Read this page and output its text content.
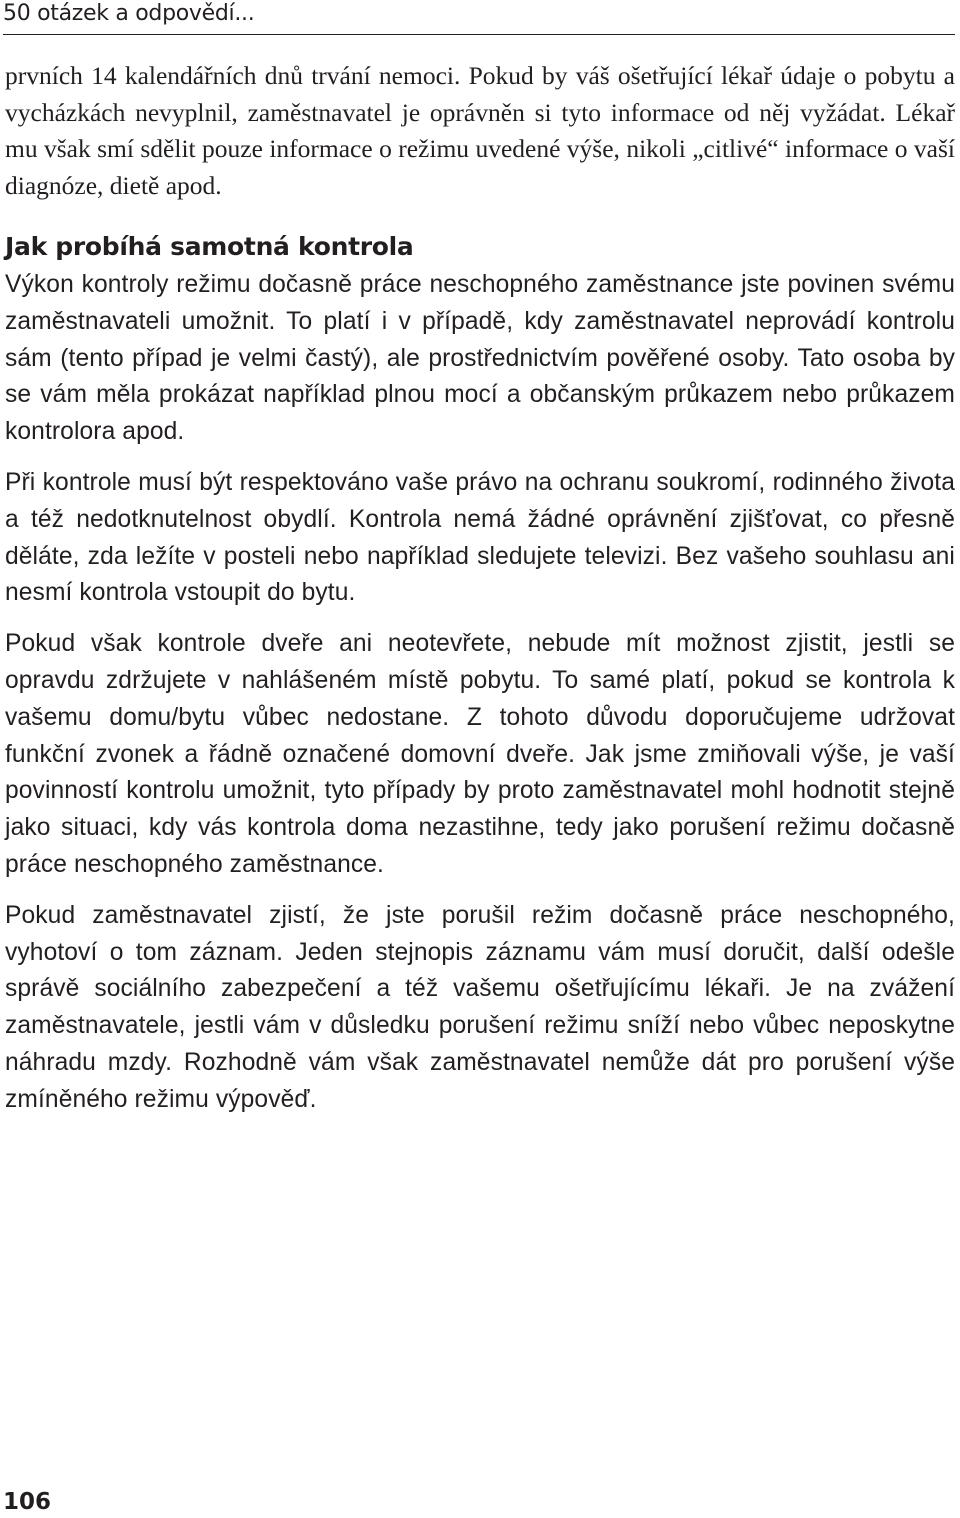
50 otázek a odpovědí...

prvních 14 kalendářních dnů trvání nemoci. Pokud by váš ošetřující lékař údaje o pobytu a vycházkách nevyplnil, zaměstnavatel je oprávněn si tyto informace od něj vyžádat. Lékař mu však smí sdělit pouze informace o režimu uvedené výše, nikoli „citlivé“ informace o vaší diagnóze, dietě apod.

Jak probíhá samotná kontrola

Výkon kontroly režimu dočasně práce neschopného zaměstnance jste povinen svému zaměstnavateli umožnit. To platí i v případě, kdy zaměstnavatel neprovádí kontrolu sám (tento případ je velmi častý), ale prostřednictvím pověřené osoby. Tato osoba by se vám měla prokázat například plnou mocí a občanským průkazem nebo průkazem kontrolora apod.

Při kontrole musí být respektováno vaše právo na ochranu soukromí, rodinného života a též nedotknutelnost obydlí. Kontrola nemá žádné oprávnění zjišťovat, co přesně děláte, zda ležíte v posteli nebo například sledujete televizi. Bez vašeho souhlasu ani nesmí kontrola vstoupit do bytu.

Pokud však kontrole dveře ani neotevřete, nebude mít možnost zjistit, jestli se opravdu zdržujete v nahlášeném místě pobytu. To samé platí, pokud se kontrola k vašemu domu/bytu vůbec nedostane. Z tohoto důvodu doporučujeme udržovat funkční zvonek a řádně označené domovní dveře. Jak jsme zmiňovali výše, je vaší povinností kontrolu umožnit, tyto případy by proto zaměstnavatel mohl hodnotit stejně jako situaci, kdy vás kontrola doma nezastihne, tedy jako porušení režimu dočasně práce neschopného zaměstnance.

Pokud zaměstnavatel zjistí, že jste porušil režim dočasně práce neschopného, vyhotoví o tom záznam. Jeden stejnopis záznamu vám musí doručit, další odešle správě sociálního zabezpečení a též vašemu ošetřujícímu lékaři. Je na zvážení zaměstnavatele, jestli vám v důsledku porušení režimu sníží nebo vůbec neposkytne náhradu mzdy. Rozhodně vám však zaměstnavatel nemůže dát pro porušení výše zmíněného režimu výpověď.

106
